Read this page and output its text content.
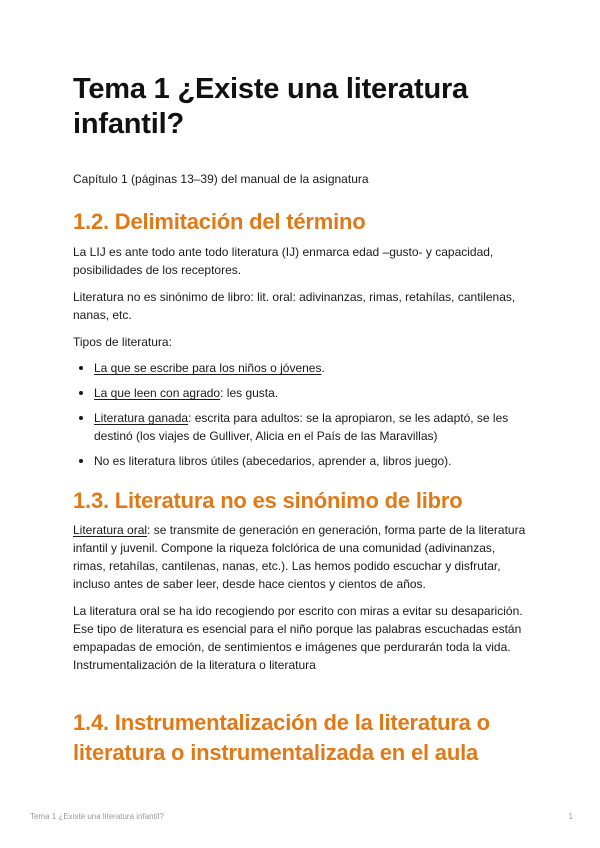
Tema 1 ¿Existe una literatura infantil?

Capítulo 1 (páginas 13–39) del manual de la asignatura

1.2. Delimitación del término

La LIJ es ante todo ante todo literatura (IJ) enmarca edad –gusto- y capacidad, posibilidades de los receptores.

Literatura no es sinónimo de libro: lit. oral: adivinanzas, rimas, retahílas, cantilenas, nanas, etc.

Tipos de literatura:

La que se escribe para los niños o jóvenes.
La que leen con agrado: les gusta.
Literatura ganada: escrita para adultos: se la apropiaron, se les adaptó, se les destinó (los viajes de Gulliver, Alicia en el País de las Maravillas)
No es literatura libros útiles (abecedarios, aprender a, libros juego).
1.3. Literatura no es sinónimo de libro

Literatura oral: se transmite de generación en generación, forma parte de la literatura infantil y juvenil. Compone la riqueza folclórica de una comunidad (adivinanzas, rimas, retahílas, cantilenas, nanas, etc.). Las hemos podido escuchar y disfrutar, incluso antes de saber leer, desde hace cientos y cientos de años.

La literatura oral se ha ido recogiendo por escrito con miras a evitar su desaparición. Ese tipo de literatura es esencial para el niño porque las palabras escuchadas están empapadas de emoción, de sentimientos e imágenes que perdurarán toda la vida. Instrumentalización de la literatura o literatura

1.4. Instrumentalización de la literatura o literatura o instrumentalizada en el aula
Tema 1 ¿Existe una literatura infantil?	1
